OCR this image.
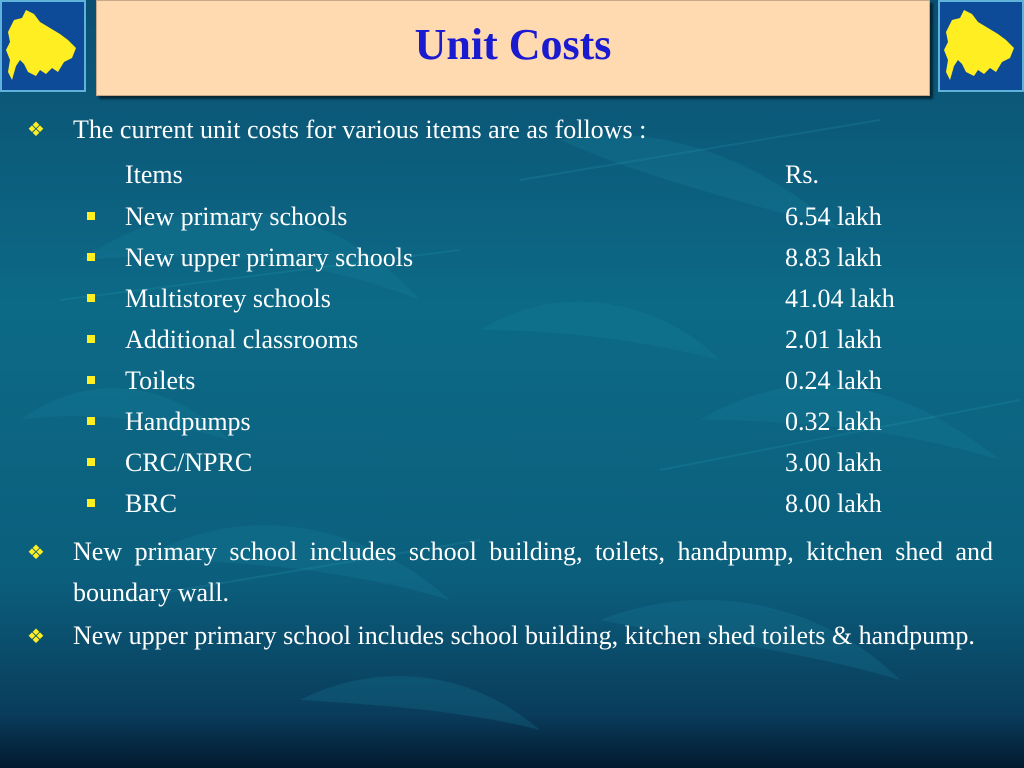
Unit Costs
❖ The current unit costs for various items are as follows :
Items	Rs.
New primary schools	6.54 lakh
New upper primary schools	8.83 lakh
Multistorey schools	41.04 lakh
Additional classrooms	2.01 lakh
Toilets	0.24 lakh
Handpumps	0.32 lakh
CRC/NPRC	3.00 lakh
BRC	8.00 lakh
❖ New primary school includes school building, toilets, handpump, kitchen shed and boundary wall.
❖ New upper primary school includes school building, kitchen shed toilets & handpump.
